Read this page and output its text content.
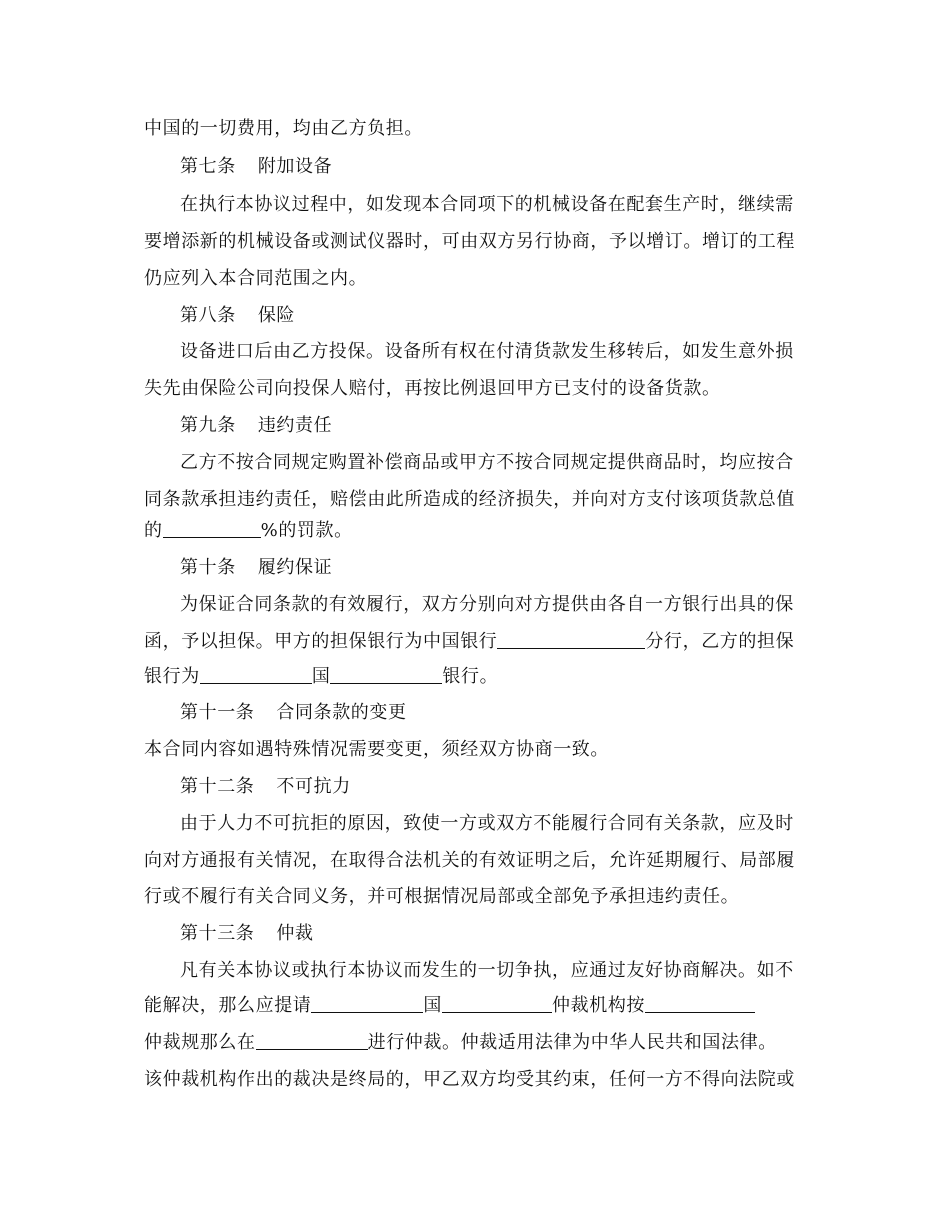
中国的一切费用，均由乙方负担。
第七条 附加设备
在执行本协议过程中，如发现本合同项下的机械设备在配套生产时，继续需
要增添新的机械设备或测试仪器时，可由双方另行协商，予以增订。增订的工程
仍应列入本合同范围之内。
第八条 保险
设备进口后由乙方投保。设备所有权在付清货款发生移转后，如发生意外损
失先由保险公司向投保人赔付，再按比例退回甲方已支付的设备货款。
第九条 违约责任
乙方不按合同规定购置补偿商品或甲方不按合同规定提供商品时，均应按合
同条款承担违约责任，赔偿由此所造成的经济损失，并向对方支付该项货款总值
的	%的罚款。
第十条 履约保证
为保证合同条款的有效履行，双方分别向对方提供由各自一方银行出具的保
函，予以担保。甲方的担保银行为中国银行	分行，乙方的担保
银行为	国	银行。
第十一条 合同条款的变更
本合同内容如遇特殊情况需要变更，须经双方协商一致。
第十二条 不可抗力
由于人力不可抗拒的原因，致使一方或双方不能履行合同有关条款，应及时
向对方通报有关情况，在取得合法机关的有效证明之后，允许延期履行、局部履
行或不履行有关合同义务，并可根据情况局部或全部免予承担违约责任。
第十三条 仲裁
凡有关本协议或执行本协议而发生的一切争执，应通过友好协商解决。如不
能解决，那么应提请	国	仲裁机构按
仲裁规那么在	进行仲裁。仲裁适用法律为中华人民共和国法律。
该仲裁机构作出的裁决是终局的，甲乙双方均受其约束，任何一方不得向法院或
